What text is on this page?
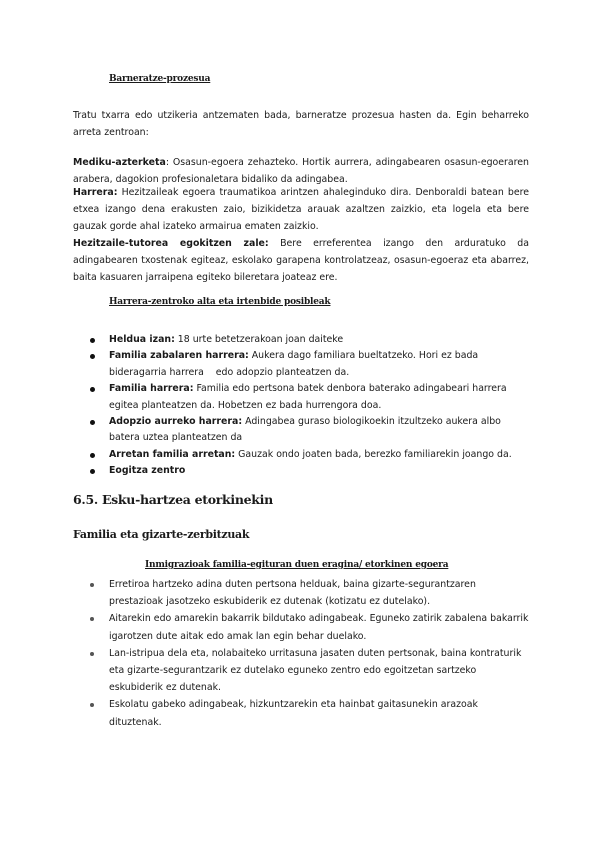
Barneratze-prozesua

Tratu txarra edo utzikeria antzematen bada, barneratze prozesua hasten da. Egin beharreko arreta zentroan:

Mediku-azterketa: Osasun-egoera zehazteko. Hortik aurrera, adingabearen osasun-egoeraren arabera, dagokion profesionaletara bidaliko da adingabea.

Harrera: Hezitzaileak egoera traumatikoa arintzen ahaleginduko dira. Denboraldi batean bere etxea izango dena erakusten zaio, bizikidetza arauak azaltzen zaizkio, eta logela eta bere gauzak gorde ahal izateko armairua ematen zaizkio.

Hezitzaile-tutorea egokitzen zale: Bere erreferentea izango den arduratuko da adingabearen txostenak egiteaz, eskolako garapena kontrolatzeaz, osasun-egoeraz eta abarrez, baita kasuaren jarraipena egiteko bileretara joateaz ere.

Harrera-zentroko alta eta irtenbide posibleak
Heldua izan: 18 urte betetzerakoan joan daiteke
Familia zabalaren harrera: Aukera dago familiara bueltatzeko. Hori ez bada bideragarria harrera    edo adopzio planteatzen da.
Familia harrera: Familia edo pertsona batek denbora baterako adingabeari harrera egitea planteatzen da. Hobetzen ez bada hurrengora doa.
Adopzio aurreko harrera: Adingabea guraso biologikoekin itzultzeko aukera albo batera uztea planteatzen da
Arretan familia arretan: Gauzak ondo joaten bada, berezko familiarekin joango da.
Eogitza zentro
6.5. Esku-hartzea etorkinekin
Familia eta gizarte-zerbitzuak
Inmigrazioak familia-egituran duen eragina/ etorkinen egoera
Erretiroa hartzeko adina duten pertsona helduak, baina gizarte-segurantzaren prestazioak jasotzeko eskubiderik ez dutenak (kotizatu ez dutelako).
Aitarekin edo amarekin bakarrik bildutako adingabeak. Eguneko zatirik zabalena bakarrik igarotzen dute aitak edo amak lan egin behar duelako.
Lan-istripua dela eta, nolabaiteko urritasuna jasaten duten pertsonak, baina kontraturik eta gizarte-segurantzarik ez dutelako eguneko zentro edo egoitzetan sartzeko eskubiderik ez dutenak.
Eskolatu gabeko adingabeak, hizkuntzarekin eta hainbat gaitasunekin arazoak dituztenak.
